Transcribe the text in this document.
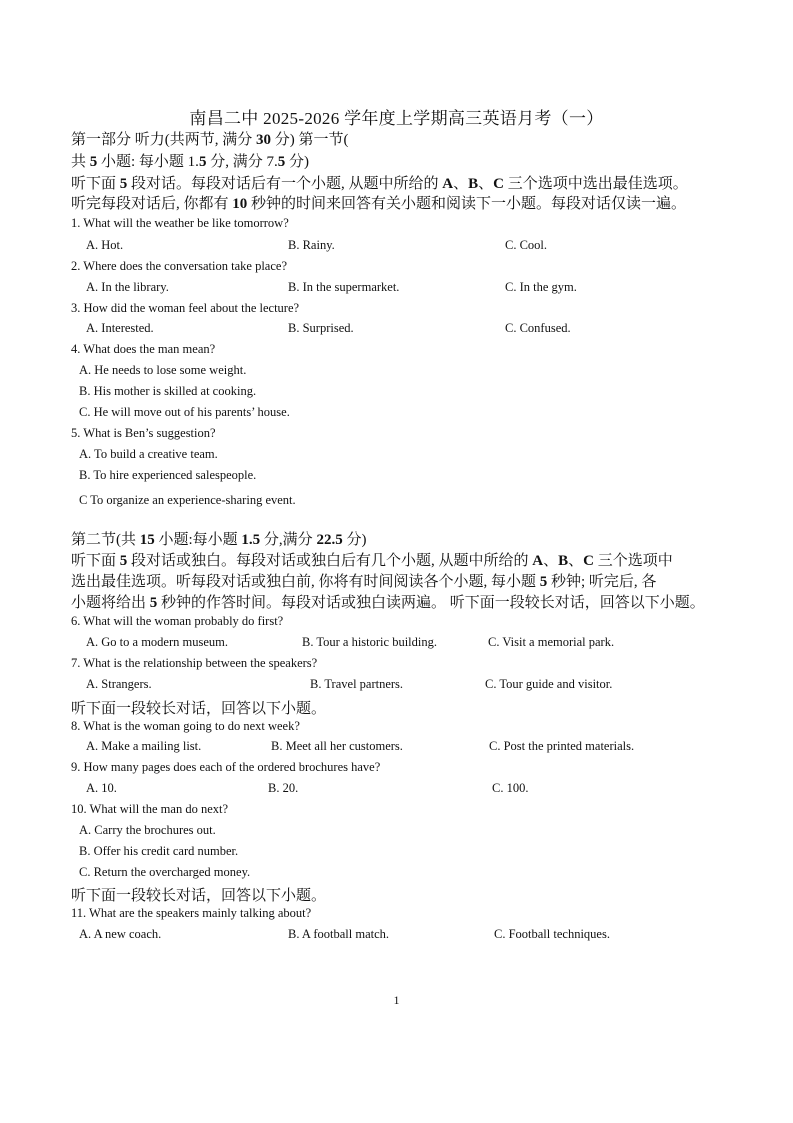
南昌二中 2025-2026 学年度上学期高三英语月考（一）
第一部分 听力(共两节, 满分 30 分) 第一节(
共 5 小题: 每小题 1.5 分, 满分 7.5 分)
听下面 5 段对话。每段对话后有一个小题, 从题中所给的 A、B、C 三个选项中选出最佳选项。
听完每段对话后, 你都有 10 秒钟的时间来回答有关小题和阅读下一小题。每段对话仅读一遍。
1. What will the weather be like tomorrow?
A. Hot.	B. Rainy.	C. Cool.
2. Where does the conversation take place?
A. In the library.	B. In the supermarket.	C. In the gym.
3. How did the woman feel about the lecture?
A. Interested.	B. Surprised.	C. Confused.
4. What does the man mean?
A. He needs to lose some weight.
B. His mother is skilled at cooking.
C. He will move out of his parents’ house.
5. What is Ben’s suggestion?
A. To build a creative team.
B. To hire experienced salespeople.
C To organize an experience-sharing event.
第二节(共 15 小题:每小题 1.5 分,满分 22.5 分)
听下面 5 段对话或独白。每段对话或独白后有几个小题, 从题中所给的 A、B、C 三个选项中
选出最佳选项。听每段对话或独白前, 你将有时间阅读各个小题, 每小题 5 秒钟; 听完后, 各
小题将给出 5 秒钟的作答时间。每段对话或独白读两遍。 听下面一段较长对话，回答以下小题。
6. What will the woman probably do first?
A. Go to a modern museum.	B. Tour a historic building.	C. Visit a memorial park.
7. What is the relationship between the speakers?
A. Strangers.	B. Travel partners.	C. Tour guide and visitor.
听下面一段较长对话，回答以下小题。
8. What is the woman going to do next week?
A. Make a mailing list.	B. Meet all her customers.	C. Post the printed materials.
9. How many pages does each of the ordered brochures have?
A. 10.	B. 20.	C. 100.
10. What will the man do next?
A. Carry the brochures out.
B. Offer his credit card number.
C. Return the overcharged money.
听下面一段较长对话，回答以下小题。
11. What are the speakers mainly talking about?
A. A new coach.	B. A football match.	C. Football techniques.
1
